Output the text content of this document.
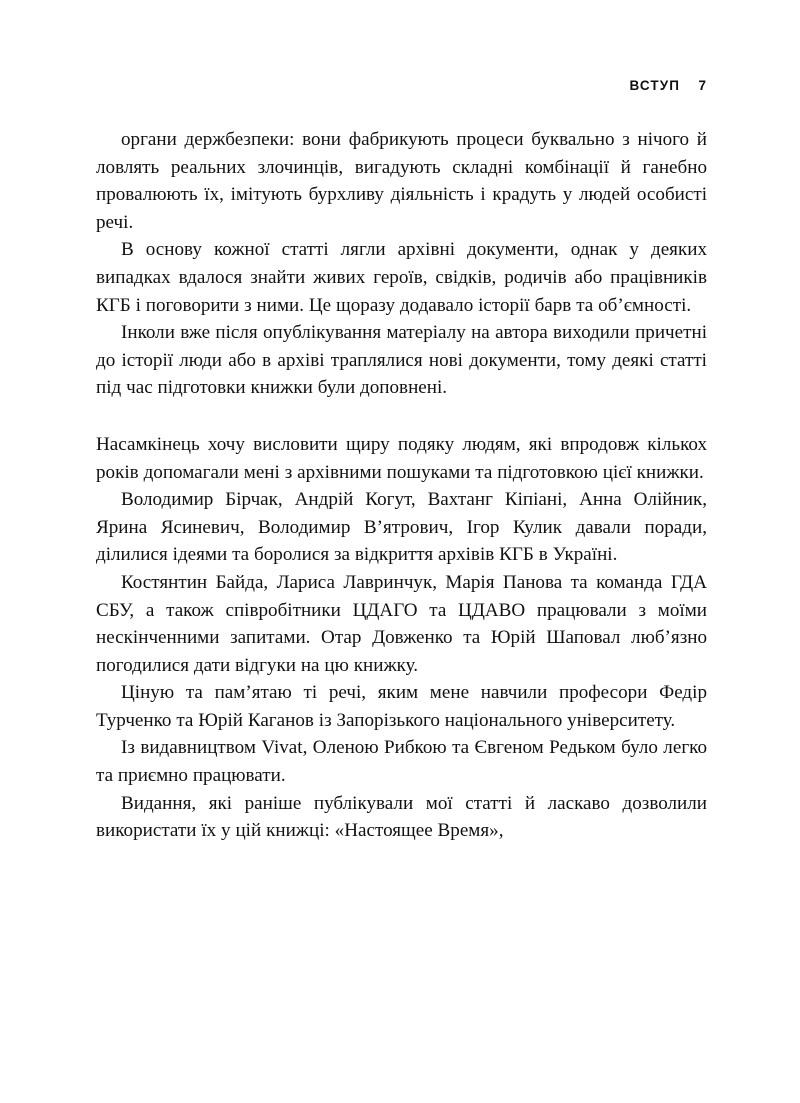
ВСТУП 7

органи держбезпеки: вони фабрикують процеси буквально з нічого й ловлять реальних злочинців, вигадують складні комбінації й ганебно провалюють їх, імітують бурхливу діяльність і крадуть у людей особисті речі.

В основу кожної статті лягли архівні документи, однак у деяких випадках вдалося знайти живих героїв, свідків, родичів або працівників КГБ і поговорити з ними. Це щоразу додавало історії барв та об’ємності.

Інколи вже після опублікування матеріалу на автора виходили причетні до історії люди або в архіві траплялися нові документи, тому деякі статті під час підготовки книжки були доповнені.

Насамкінець хочу висловити щиру подяку людям, які впродовж кількох років допомагали мені з архівними пошуками та підготовкою цієї книжки.

Володимир Бірчак, Андрій Когут, Вахтанг Кіпіані, Анна Олійник, Ярина Ясиневич, Володимир В’ятрович, Ігор Кулик давали поради, ділилися ідеями та боролися за відкриття архівів КГБ в Україні.

Костянтин Байда, Лариса Лавринчук, Марія Панова та команда ГДА СБУ, а також співробітники ЦДАГО та ЦДАВО працювали з моїми нескінченними запитами. Отар Довженко та Юрій Шаповал люб’язно погодилися дати відгуки на цю книжку.

Ціную та пам’ятаю ті речі, яким мене навчили професори Федір Турченко та Юрій Каганов із Запорізького національного університету.

Із видавництвом Vivat, Оленою Рибкою та Євгеном Редьком було легко та приємно працювати.

Видання, які раніше публікували мої статті й ласкаво дозволили використати їх у цій книжці: «Настоящее Время»,
